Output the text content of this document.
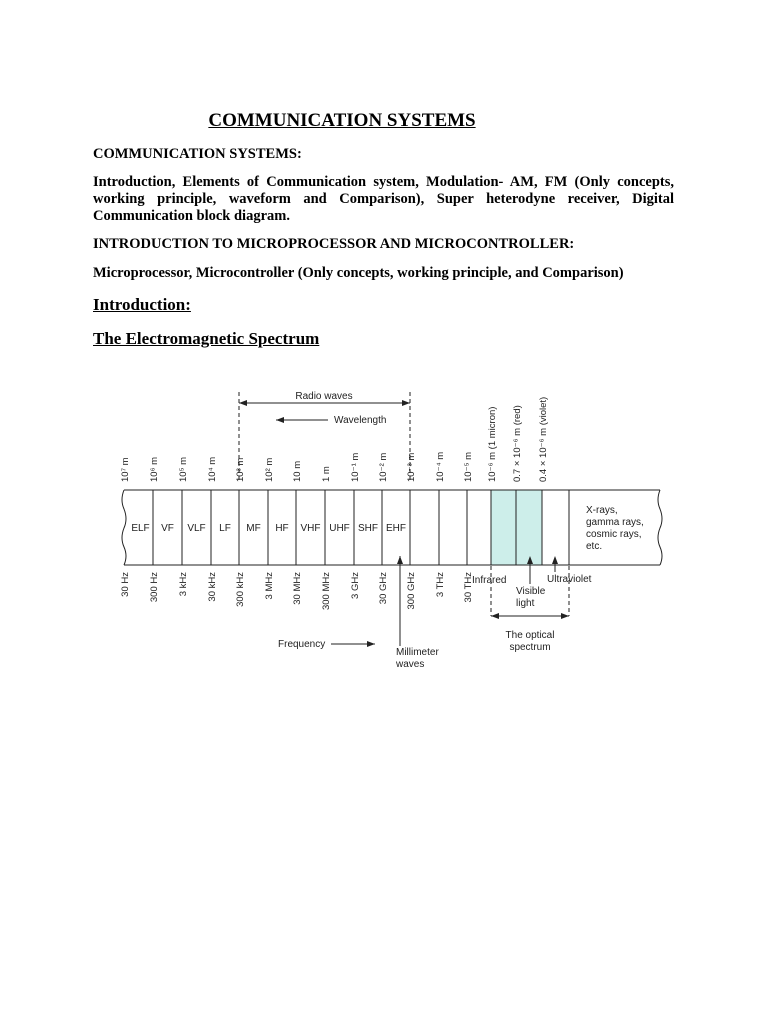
COMMUNICATION SYSTEMS

COMMUNICATION SYSTEMS:

Introduction, Elements of Communication system, Modulation- AM, FM (Only concepts, working principle, waveform and Comparison), Super heterodyne receiver, Digital Communication block diagram.

INTRODUCTION TO MICROPROCESSOR AND MICROCONTROLLER:

Microprocessor, Microcontroller (Only concepts, working principle, and Comparison)

Introduction:

The Electromagnetic Spectrum

Radio waves
Wavelength
10⁷ m 10⁶ m 10⁵ m 10⁴ m 10³ m 10² m 10 m 1 m 10⁻¹ m 10⁻² m 10⁻³ m 10⁻⁴ m 10⁻⁵ m 10⁻⁶ m (1 micron) 0.7 × 10⁻⁶ m (red) 0.4 × 10⁻⁶ m (violet)
ELF VF VLF LF MF HF VHF UHF SHF EHF
X-rays,
gamma rays,
cosmic rays,
etc.
30 Hz 300 Hz 3 kHz 30 kHz 300 kHz 3 MHz 30 MHz 300 MHz 3 GHz 30 GHz 300 GHz 3 THz 30 THz
Millimeter
waves
Frequency
Infrared
Visible
light
Ultraviolet
The optical
spectrum
